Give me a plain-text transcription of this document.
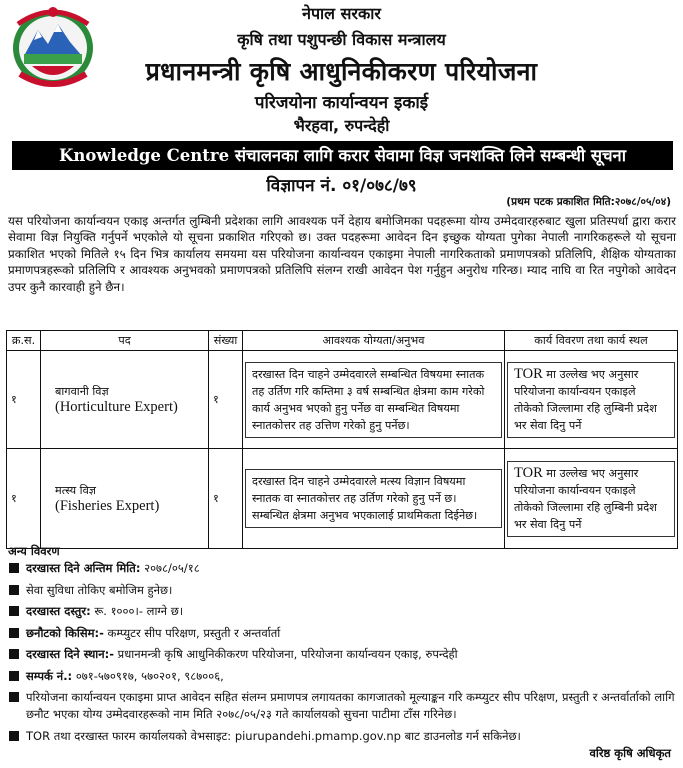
नेपाल सरकार
कृषि तथा पशुपन्छी विकास मन्त्रालय
प्रधानमन्त्री कृषि आधुनिकीकरण परियोजना
परिजयोना कार्यान्वयन इकाई
भैरहवा, रुपन्देही
Knowledge Centre संचालनका लागि करार सेवामा विज्ञ जनशक्ति लिने सम्बन्धी सूचना
विज्ञापन नं. ०१/०७८/७९
(प्रथम पटक प्रकाशित मिति:२०७८/०५/०४)
यस परियोजना कार्यान्वयन एकाइ अन्तर्गत लुम्बिनी प्रदेशका लागि आवश्यक पर्ने देहाय बमोजिमका पदहरूमा योग्य उम्मेदवारहरुबाट खुला प्रतिस्पर्धा द्वारा करार सेवामा विज्ञ नियुक्ति गर्नुपर्ने भएकोले यो सूचना प्रकाशित गरिएको छ। उक्त पदहरूमा आवेदन दिन इच्छुक योग्यता पुगेका नेपाली नागरिकहरूले यो सूचना प्रकाशित भएको मितिले १५ दिन भित्र कार्यालय समयमा यस परियोजना कार्यान्वयन एकाइमा नेपाली नागरिकताको प्रमाणपत्रको प्रतिलिपि, शैक्षिक योग्यताका प्रमाणपत्रहरूको प्रतिलिपि र आवश्यक अनुभवको प्रमाणपत्रको प्रतिलिपि संलग्न राखी आवेदन पेश गर्नुहुन अनुरोध गरिन्छ। म्याद नाघि वा रित नपुगेको आवेदन उपर कुनै कारवाही हुने छैन।
क्र.स.	पद	संख्या	आवश्यक योग्यता/अनुभव	कार्य विवरण तथा कार्य स्थल
१	बागवानी विज्ञ
(Horticulture Expert)	१	दरखास्त दिन चाहने उम्मेदवारले सम्बन्धित विषयमा स्नातक तह उर्तिण गरि कम्तिमा ३ वर्ष सम्बन्धित क्षेत्रमा काम गरेको कार्य अनुभव भएको हुनु पर्नेछ वा सम्बन्धित विषयमा स्नातकोत्तर तह उत्तिण गरेको हुनु पर्नेछ।	TOR मा उल्लेख भए अनुसार परियोजना कार्यान्वयन एकाइले तोकेको जिल्लामा रहि लुम्बिनी प्रदेश भर सेवा दिनु पर्ने

१	मत्स्य विज्ञ
(Fisheries Expert)	१	दरखास्त दिन चाहने उम्मेदवारले मत्स्य विज्ञान विषयमा स्नातक वा स्नातकोत्तर तह उर्तिण गरेको हुनु पर्ने छ। सम्बन्धित क्षेत्रमा अनुभव भएकालाई प्राथमिकता दिईनेछ।	TOR मा उल्लेख भए अनुसार परियोजना कार्यान्वयन एकाइले तोकेको जिल्लामा रहि लुम्बिनी प्रदेश भर सेवा दिनु पर्ने
अन्य विवरण
दरखास्त दिने अन्तिम मिति: २०७८/०५/१८
सेवा सुविधा तोकिए बमोजिम हुनेछ।
दरखास्त दस्तुर: रू. १०००।- लाग्ने छ।
छनौटको किसिम:- कम्प्युटर सीप परिक्षण, प्रस्तुती र अन्तर्वार्ता
दरखास्त दिने स्थान:- प्रधानमन्त्री कृषि आधुनिकीकरण परियोजना, परियोजना कार्यान्वयन एकाइ, रुपन्देही
सम्पर्क नं.: ०७१-५७०९१७, ५७०२०१, ९८७००६,
परियोजना कार्यान्वयन एकाइमा प्राप्त आवेदन सहित संलग्न प्रमाणपत्र लगायतका कागजातको मूल्याङ्कन गरि कम्प्युटर सीप परिक्षण, प्रस्तुती र अन्तर्वार्ताको लागि छनौट भएका योग्य उम्मेदवारहरूको नाम मिति २०७८/०५/२३ गते कार्यालयको सुचना पाटीमा टाँस गरिनेछ।
TOR तथा दरखास्त फारम कार्यालयको वेभसाइट: piurupandehi.pmamp.gov.np बाट डाउनलोड गर्न सकिनेछ।
वरिष्ठ कृषि अधिकृत
